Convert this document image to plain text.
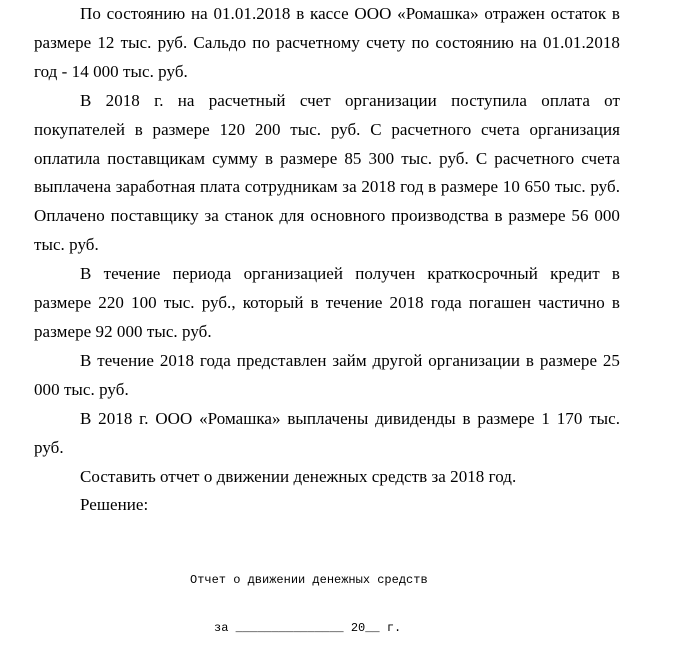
По состоянию на 01.01.2018 в кассе ООО «Ромашка» отражен остаток в размере 12 тыс. руб. Сальдо по расчетному счету по состоянию на 01.01.2018 год - 14 000 тыс. руб.

В 2018 г. на расчетный счет организации поступила оплата от покупателей в размере 120 200 тыс. руб. С расчетного счета организация оплатила поставщикам сумму в размере 85 300 тыс. руб. С расчетного счета выплачена заработная плата сотрудникам за 2018 год в размере 10 650 тыс. руб. Оплачено поставщику за станок для основного производства в размере 56 000 тыс. руб.

В течение периода организацией получен краткосрочный кредит в размере 220 100 тыс. руб., который в течение 2018 года погашен частично в размере 92 000 тыс. руб.

В течение 2018 года представлен займ другой организации в размере 25 000 тыс. руб.

В 2018 г. ООО «Ромашка» выплачены дивиденды в размере 1 170 тыс. руб.

Составить отчет о движении денежных средств за 2018 год.

Решение:

Отчет о движении денежных средств

за _______________ 20__ г.
